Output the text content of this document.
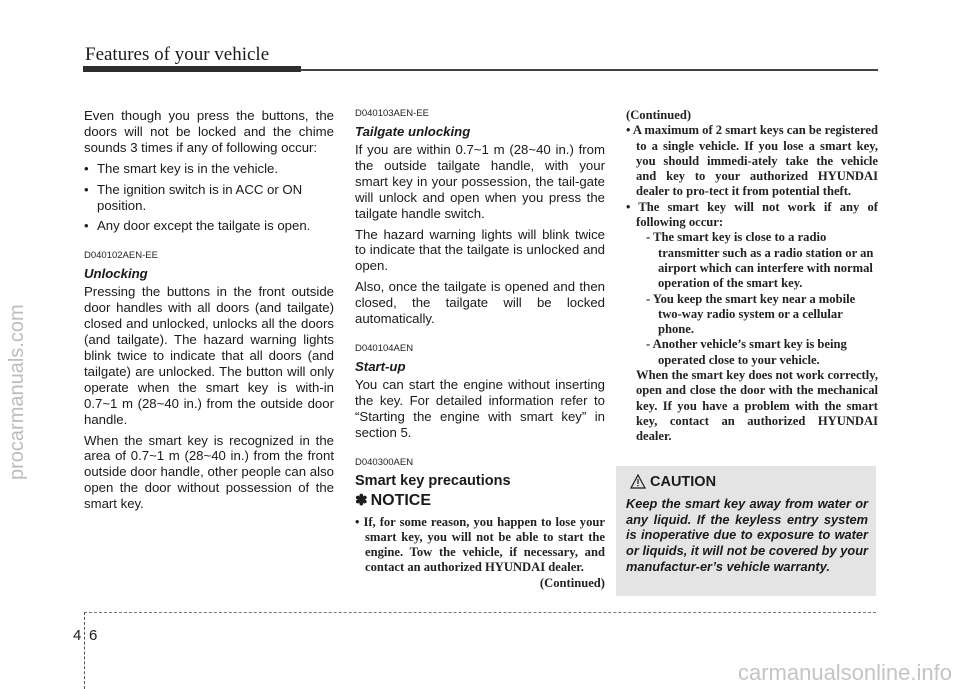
Features of your vehicle
procarmanuals.com

Even though you press the buttons, the doors will not be locked and the chime sounds 3 times if any of following occur:

• The smart key is in the vehicle.
• The ignition switch is in ACC or ON position.
• Any door except the tailgate is open.
D040102AEN-EE
Unlocking

Pressing the buttons in the front outside door handles with all doors (and tailgate) closed and unlocked, unlocks all the doors (and tailgate). The hazard warning lights blink twice to indicate that all doors (and tailgate) are unlocked. The button will only operate when the smart key is with-in 0.7~1 m (28~40 in.) from the outside door handle.

When the smart key is recognized in the area of 0.7~1 m (28~40 in.) from the front outside door handle, other people can also open the door without possession of the smart key.

D040103AEN-EE
Tailgate unlocking

If you are within 0.7~1 m (28~40 in.) from the outside tailgate handle, with your smart key in your possession, the tail-gate will unlock and open when you press the tailgate handle switch.

The hazard warning lights will blink twice to indicate that the tailgate is unlocked and open.

Also, once the tailgate is opened and then closed, the tailgate will be locked automatically.

D040104AEN
Start-up

You can start the engine without inserting the key. For detailed information refer to “Starting the engine with smart key” in section 5.

D040300AEN
Smart key precautions
✽ NOTICE
• If, for some reason, you happen to lose your smart key, you will not be able to start the engine. Tow the vehicle, if necessary, and contact an authorized HYUNDAI dealer.
(Continued)
(Continued)
• A maximum of 2 smart keys can be registered to a single vehicle. If you lose a smart key, you should immedi-ately take the vehicle and key to your authorized HYUNDAI dealer to pro-tect it from potential theft.
• The smart key will not work if any of following occur:
- The smart key is close to a radio transmitter such as a radio station or an airport which can interfere with normal operation of the smart key.
- You keep the smart key near a mobile two-way radio system or a cellular phone.
- Another vehicle’s smart key is being operated close to your vehicle.
When the smart key does not work correctly, open and close the door with the mechanical key. If you have a problem with the smart key, contact an authorized HYUNDAI dealer.
CAUTION
Keep the smart key away from water or any liquid. If the keyless entry system is inoperative due to exposure to water or liquids, it will not be covered by your manufactur-er’s vehicle warranty.
4 6
carmanualsonline.info
